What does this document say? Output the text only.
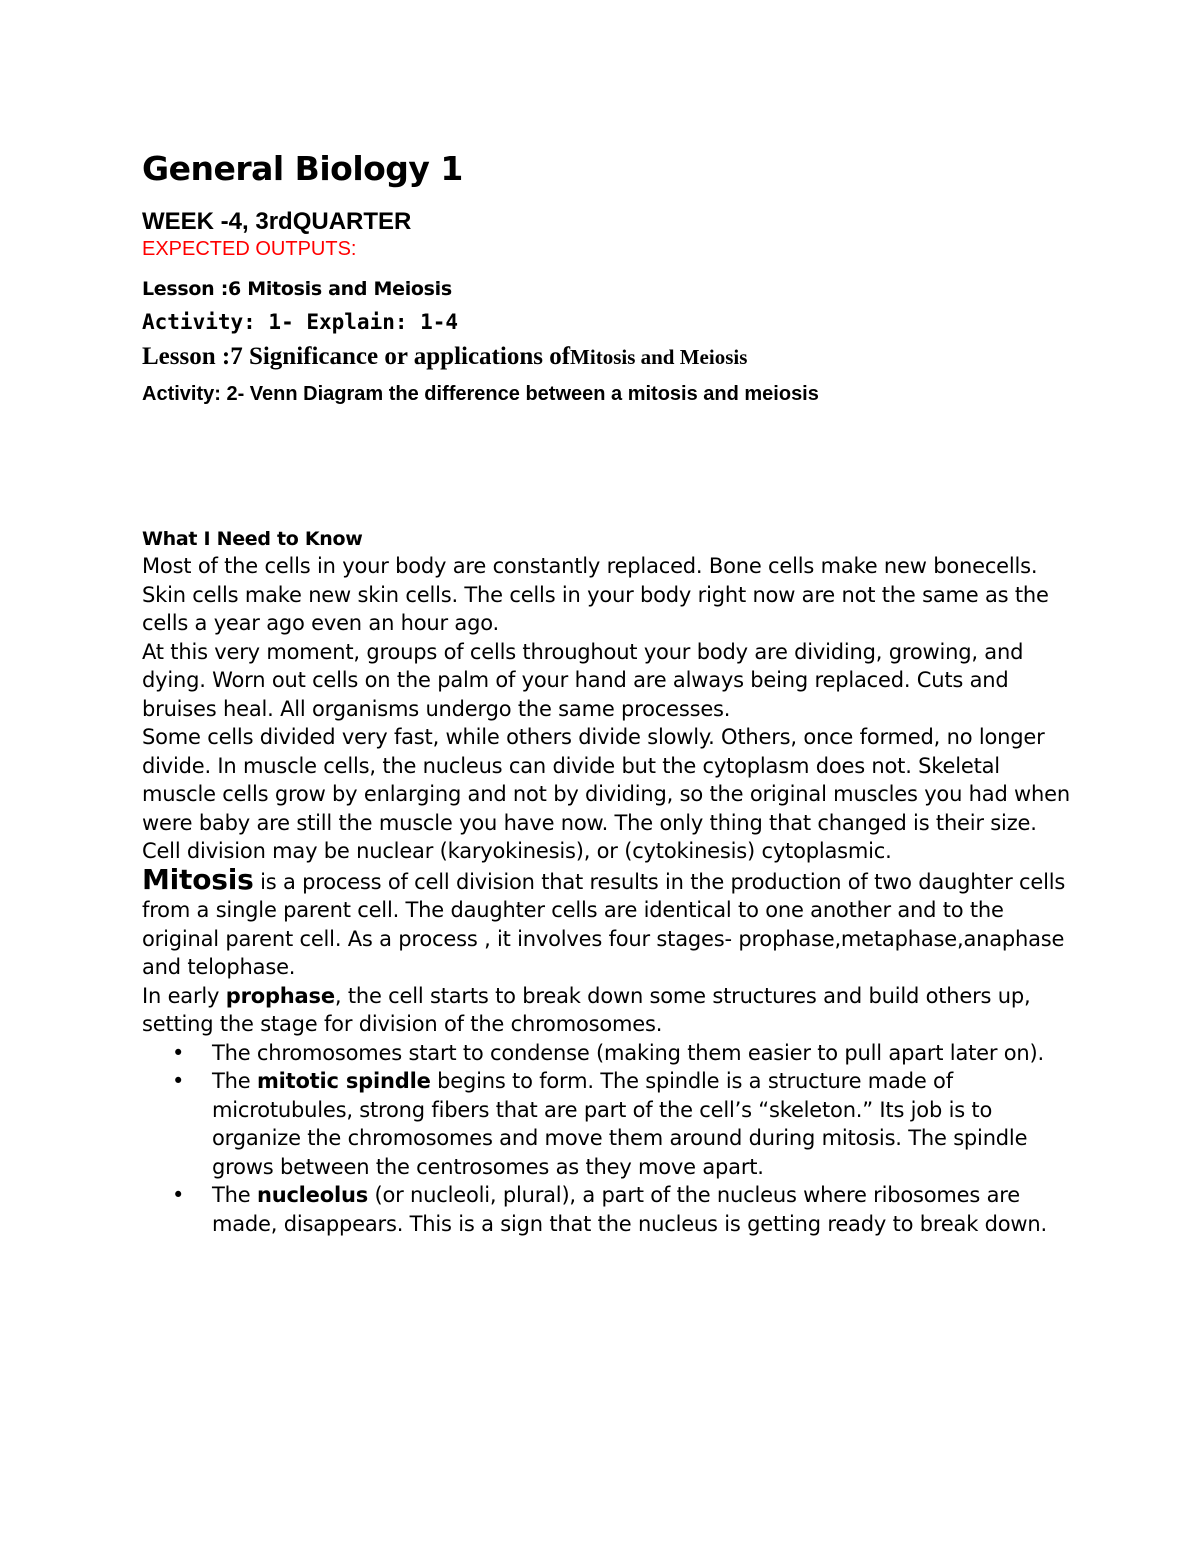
General Biology 1
WEEK -4, 3rdQUARTER
EXPECTED OUTPUTS:
Lesson :6 Mitosis and Meiosis
Activity: 1- Explain: 1-4
Lesson :7 Significance or applications ofMitosis and Meiosis
Activity: 2- Venn Diagram the difference between a mitosis and meiosis
What I Need to Know

Most of the cells in your body are constantly replaced. Bone cells make new bonecells. Skin cells make new skin cells. The cells in your body right now are not the same as the cells a year ago even an hour ago.

At this very moment, groups of cells throughout your body are dividing, growing, and dying. Worn out cells on the palm of your hand are always being replaced. Cuts and bruises heal. All organisms undergo the same processes.

Some cells divided very fast, while others divide slowly. Others, once formed, no longer divide. In muscle cells, the nucleus can divide but the cytoplasm does not. Skeletal muscle cells grow by enlarging and not by dividing, so the original muscles you had when were baby are still the muscle you have now. The only thing that changed is their size. Cell division may be nuclear (karyokinesis), or (cytokinesis) cytoplasmic.

Mitosis is a process of cell division that results in the production of two daughter cells from a single parent cell. The daughter cells are identical to one another and to the original parent cell. As a process , it involves four stages- prophase,metaphase,anaphase and telophase.

In early prophase, the cell starts to break down some structures and build others up, setting the stage for division of the chromosomes.

• The chromosomes start to condense (making them easier to pull apart later on).
• The mitotic spindle begins to form. The spindle is a structure made of microtubules, strong fibers that are part of the cell’s “skeleton.” Its job is to organize the chromosomes and move them around during mitosis. The spindle grows between the centrosomes as they move apart.
• The nucleolus (or nucleoli, plural), a part of the nucleus where ribosomes are made, disappears. This is a sign that the nucleus is getting ready to break down.
